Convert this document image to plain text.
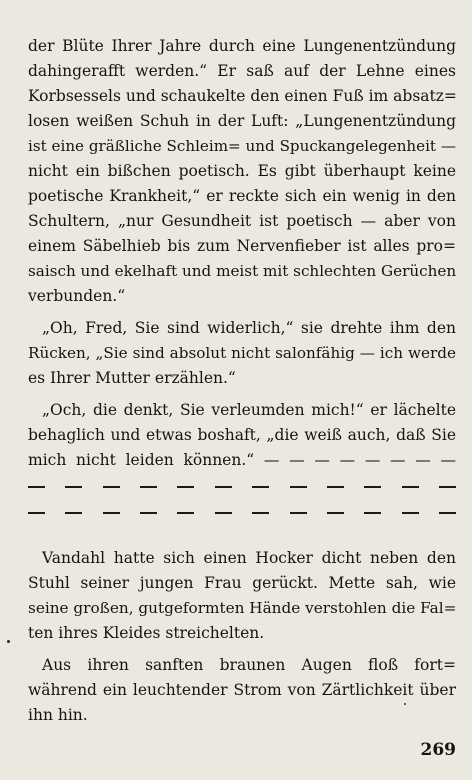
der Blüte Ihrer Jahre durch eine Lungenentzündung
dahingerafft werden.“ Er saß auf der Lehne eines
Korbsessels und schaukelte den einen Fuß im absatz=
losen weißen Schuh in der Luft: „Lungenentzündung
ist eine gräßliche Schleim= und Spuckangelegenheit —
nicht ein bißchen poetisch. Es gibt überhaupt keine
poetische Krankheit,“ er reckte sich ein wenig in den
Schultern, „nur Gesundheit ist poetisch — aber von
einem Säbelhieb bis zum Nervenfieber ist alles pro=
saisch und ekelhaft und meist mit schlechten Gerüchen
verbunden.“
„Oh, Fred, Sie sind widerlich,“ sie drehte ihm den
Rücken, „Sie sind absolut nicht salonfähig — ich werde
es Ihrer Mutter erzählen.“
„Och, die denkt, Sie verleumden mich!“ er lächelte
behaglich und etwas boshaft, „die weiß auch, daß Sie
mich nicht leiden können.“ — — — — — — — —
Vandahl hatte sich einen Hocker dicht neben den
Stuhl seiner jungen Frau gerückt. Mette sah, wie
seine großen, gutgeformten Hände verstohlen die Fal=
ten ihres Kleides streichelten.
Aus ihren sanften braunen Augen floß fort=
während ein leuchtender Strom von Zärtlichkeit über
ihn hin.
269
